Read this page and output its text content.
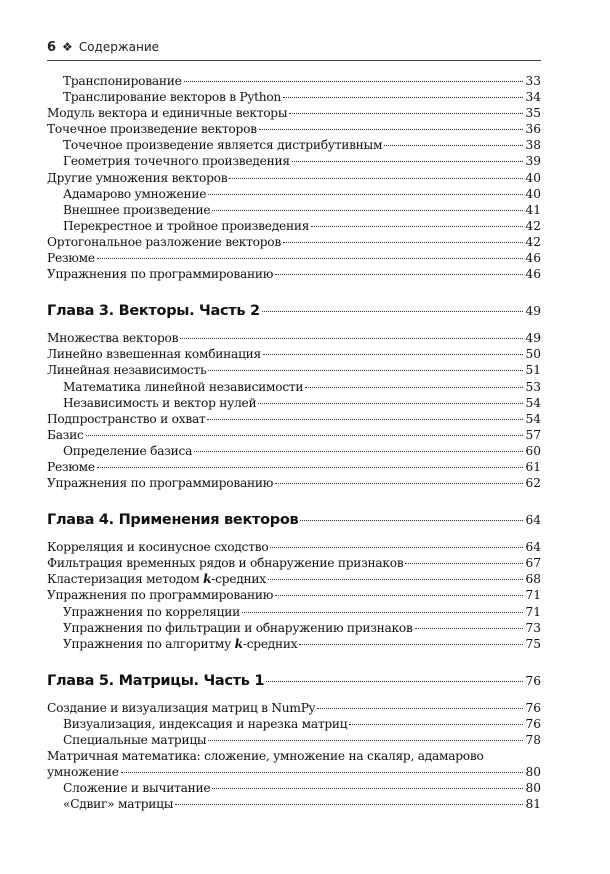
6 ❖ Содержание
Транспонирование	33
Транслирование векторов в Python	34
Модуль вектора и единичные векторы	35
Точечное произведение векторов	36
Точечное произведение является дистрибутивным	38
Геометрия точечного произведения	39
Другие умножения векторов	40
Адамарово умножение	40
Внешнее произведение	41
Перекрестное и тройное произведения	42
Ортогональное разложение векторов	42
Резюме	46
Упражнения по программированию	46
Глава 3. Векторы. Часть 2	49
Множества векторов	49
Линейно взвешенная комбинация	50
Линейная независимость	51
Математика линейной независимости	53
Независимость и вектор нулей	54
Подпространство и охват	54
Базис	57
Определение базиса	60
Резюме	61
Упражнения по программированию	62
Глава 4. Применения векторов	64
Корреляция и косинусное сходство	64
Фильтрация временных рядов и обнаружение признаков	67
Кластеризация методом k-средних	68
Упражнения по программированию	71
Упражнения по корреляции	71
Упражнения по фильтрации и обнаружению признаков	73
Упражнения по алгоритму k-средних	75
Глава 5. Матрицы. Часть 1	76
Создание и визуализация матриц в NumPy	76
Визуализация, индексация и нарезка матриц	76
Специальные матрицы	78
Матричная математика: сложение, умножение на скаляр, адамарово
умножение	80
Сложение и вычитание	80
«Сдвиг» матрицы	81
